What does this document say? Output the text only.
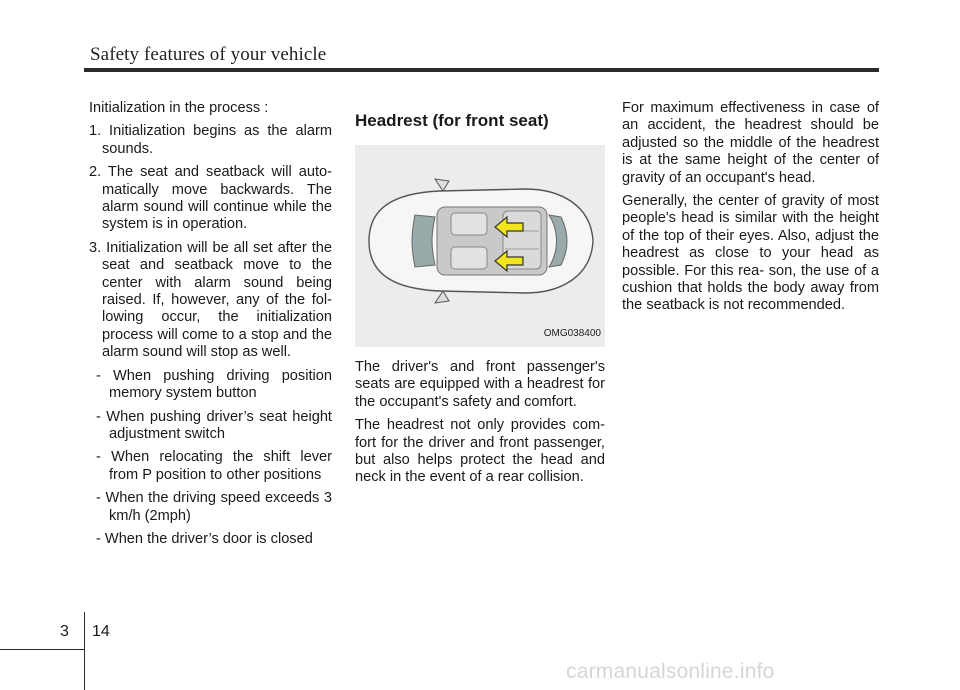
Safety features of your vehicle

Initialization in the process :

1. Initialization begins as the alarm sounds.

2. The seat and seatback will auto- matically move backwards. The alarm sound will continue while the system is in operation.

3. Initialization will be all set after the seat and seatback move to the center with alarm sound being raised. If, however, any of the fol- lowing occur, the initialization process will come to a stop and the alarm sound will stop as well.

- When pushing driving position memory system button

- When pushing driver’s seat height adjustment switch

- When relocating the shift lever from P position to other positions

- When the driving speed exceeds 3 km/h (2mph)

- When the driver’s door is closed

Headrest (for front seat)
OMG038400

The driver's and front passenger's seats are equipped with a headrest for the occupant's safety and comfort.

The headrest not only provides com- fort for the driver and front passenger, but also helps protect the head and neck in the event of a rear collision.

For maximum effectiveness in case of an accident, the headrest should be adjusted so the middle of the headrest is at the same height of the center of gravity of an occupant's head.

Generally, the center of gravity of most people's head is similar with the height of the top of their eyes. Also, adjust the headrest as close to your head as possible. For this rea- son, the use of a cushion that holds the body away from the seatback is not recommended.

3 14
carmanualsonline.info
